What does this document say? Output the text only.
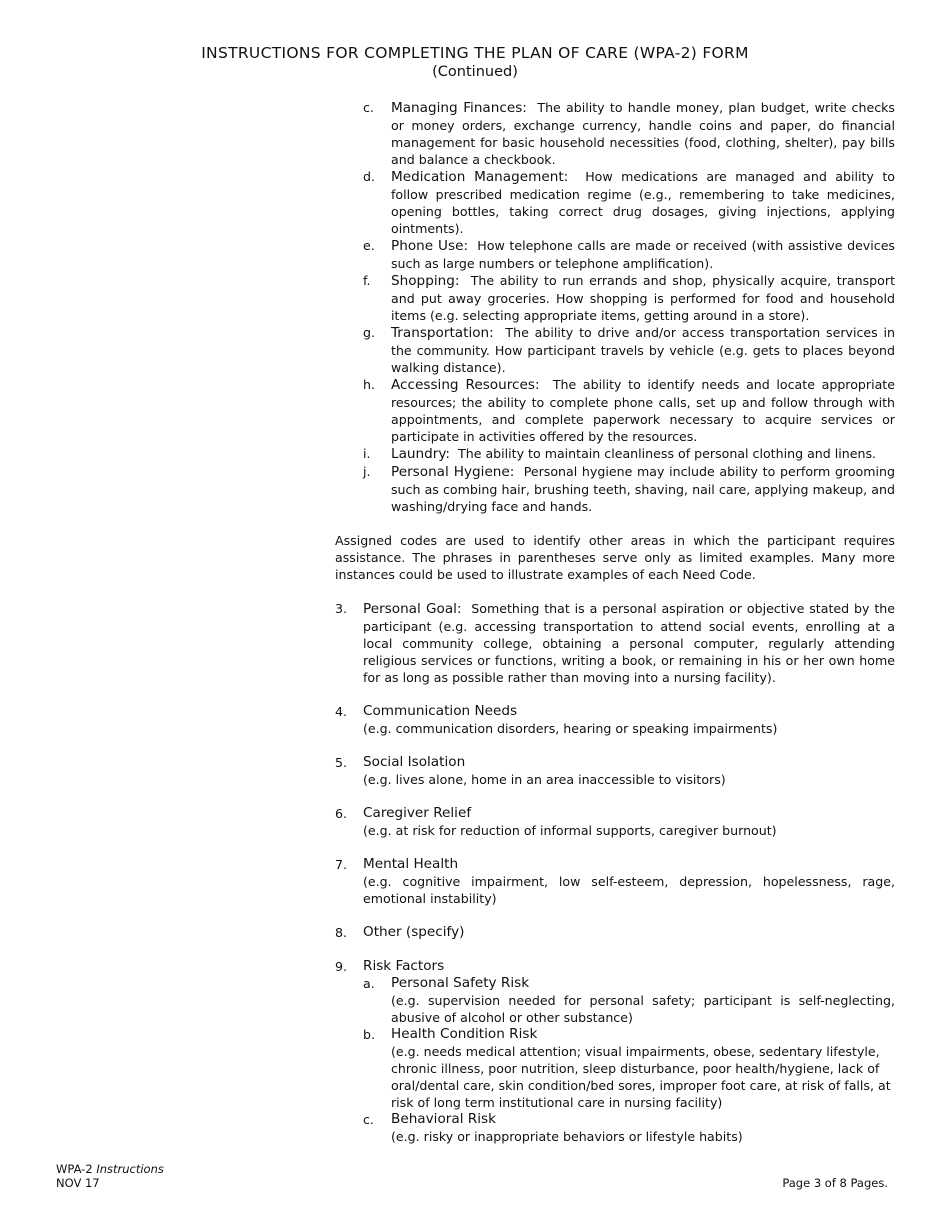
INSTRUCTIONS FOR COMPLETING THE PLAN OF CARE (WPA-2) FORM
(Continued)
c.	Managing Finances: The ability to handle money, plan budget, write checks or money orders, exchange currency, handle coins and paper, do financial management for basic household necessities (food, clothing, shelter), pay bills and balance a checkbook.
d.	Medication Management: How medications are managed and ability to follow prescribed medication regime (e.g., remembering to take medicines, opening bottles, taking correct drug dosages, giving injections, applying ointments).
e.	Phone Use: How telephone calls are made or received (with assistive devices such as large numbers or telephone amplification).
f.	Shopping: The ability to run errands and shop, physically acquire, transport and put away groceries. How shopping is performed for food and household items (e.g. selecting appropriate items, getting around in a store).
g.	Transportation: The ability to drive and/or access transportation services in the community. How participant travels by vehicle (e.g. gets to places beyond walking distance).
h.	Accessing Resources: The ability to identify needs and locate appropriate resources; the ability to complete phone calls, set up and follow through with appointments, and complete paperwork necessary to acquire services or participate in activities offered by the resources.
i.	Laundry: The ability to maintain cleanliness of personal clothing and linens.
j.	Personal Hygiene: Personal hygiene may include ability to perform grooming such as combing hair, brushing teeth, shaving, nail care, applying makeup, and washing/drying face and hands.
Assigned codes are used to identify other areas in which the participant requires assistance. The phrases in parentheses serve only as limited examples. Many more instances could be used to illustrate examples of each Need Code.
3.	Personal Goal: Something that is a personal aspiration or objective stated by the participant (e.g. accessing transportation to attend social events, enrolling at a local community college, obtaining a personal computer, regularly attending religious services or functions, writing a book, or remaining in his or her own home for as long as possible rather than moving into a nursing facility).
4.	Communication Needs
(e.g. communication disorders, hearing or speaking impairments)
5.	Social Isolation
(e.g. lives alone, home in an area inaccessible to visitors)
6.	Caregiver Relief
(e.g. at risk for reduction of informal supports, caregiver burnout)
7.	Mental Health
(e.g. cognitive impairment, low self-esteem, depression, hopelessness, rage, emotional instability)
8.	Other (specify)
9.	Risk Factors
a.	Personal Safety Risk
(e.g. supervision needed for personal safety; participant is self-neglecting, abusive of alcohol or other substance)
b.	Health Condition Risk
(e.g. needs medical attention; visual impairments, obese, sedentary lifestyle, chronic illness, poor nutrition, sleep disturbance, poor health/hygiene, lack of oral/dental care, skin condition/bed sores, improper foot care, at risk of falls, at risk of long term institutional care in nursing facility)
c.	Behavioral Risk
(e.g. risky or inappropriate behaviors or lifestyle habits)
WPA-2 Instructions
NOV 17	Page 3 of 8 Pages.
